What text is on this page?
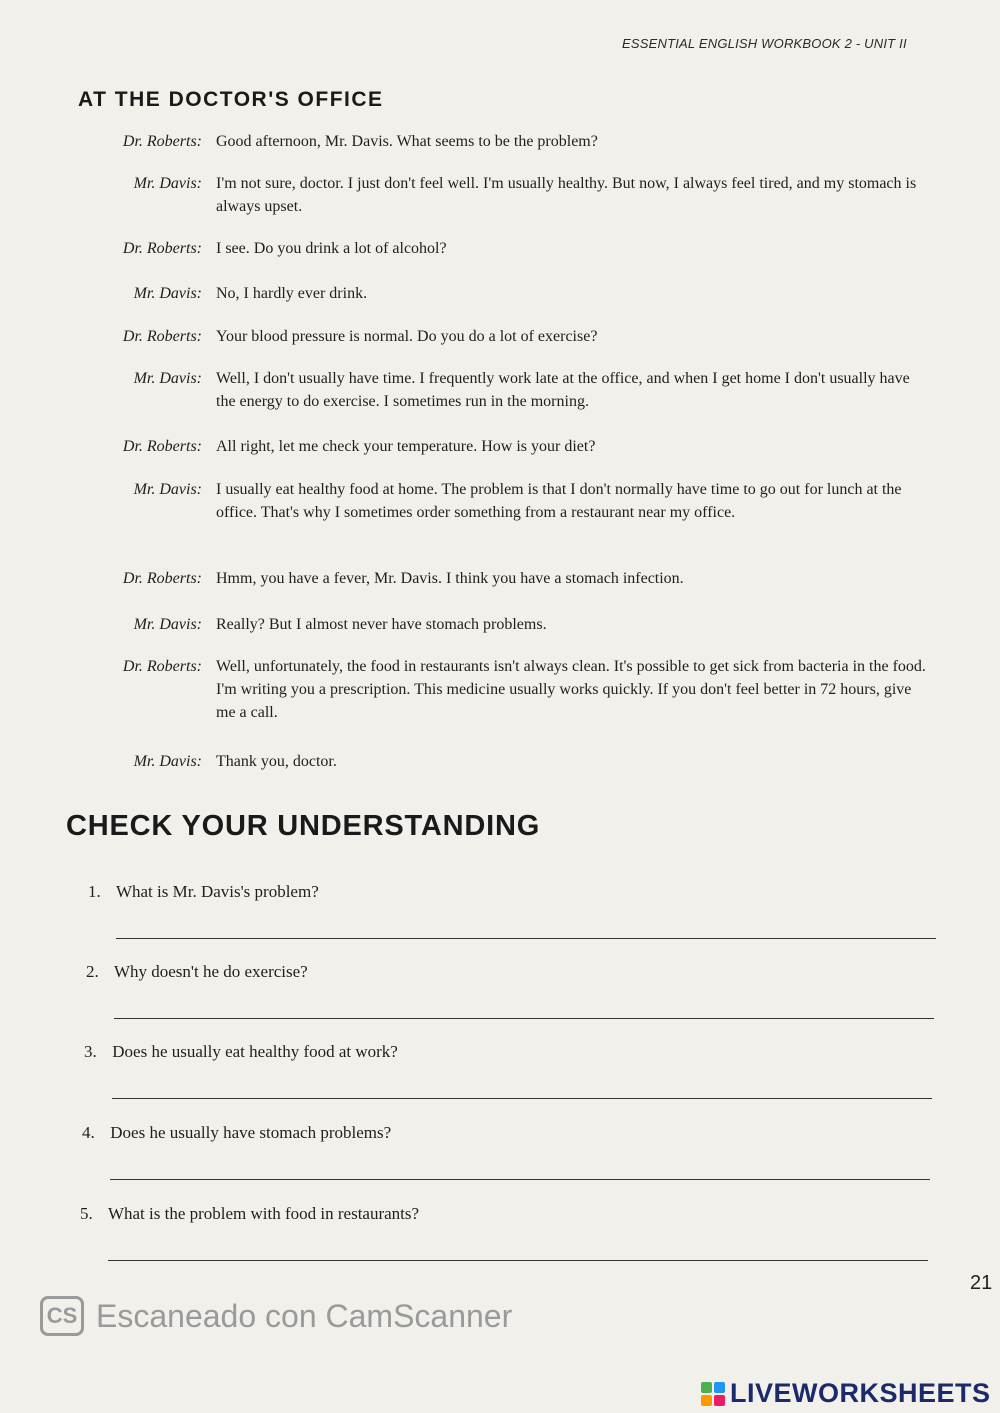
ESSENTIAL ENGLISH WORKBOOK 2 - UNIT II
AT THE DOCTOR'S OFFICE
Dr. Roberts: Good afternoon, Mr. Davis. What seems to be the problem?
Mr. Davis: I'm not sure, doctor. I just don't feel well. I'm usually healthy. But now, I always feel tired, and my stomach is always upset.
Dr. Roberts: I see. Do you drink a lot of alcohol?
Mr. Davis: No, I hardly ever drink.
Dr. Roberts: Your blood pressure is normal. Do you do a lot of exercise?
Mr. Davis: Well, I don't usually have time. I frequently work late at the office, and when I get home I don't usually have the energy to do exercise. I sometimes run in the morning.
Dr. Roberts: All right, let me check your temperature. How is your diet?
Mr. Davis: I usually eat healthy food at home. The problem is that I don't normally have time to go out for lunch at the office. That's why I sometimes order something from a restaurant near my office.
Dr. Roberts: Hmm, you have a fever, Mr. Davis. I think you have a stomach infection.
Mr. Davis: Really? But I almost never have stomach problems.
Dr. Roberts: Well, unfortunately, the food in restaurants isn't always clean. It's possible to get sick from bacteria in the food. I'm writing you a prescription. This medicine usually works quickly. If you don't feel better in 72 hours, give me a call.
Mr. Davis: Thank you, doctor.
CHECK YOUR UNDERSTANDING
1. What is Mr. Davis's problem?
2. Why doesn't he do exercise?
3. Does he usually eat healthy food at work?
4. Does he usually have stomach problems?
5. What is the problem with food in restaurants?
21
CS Escaneado con CamScanner
LIVEWORKSHEETS
